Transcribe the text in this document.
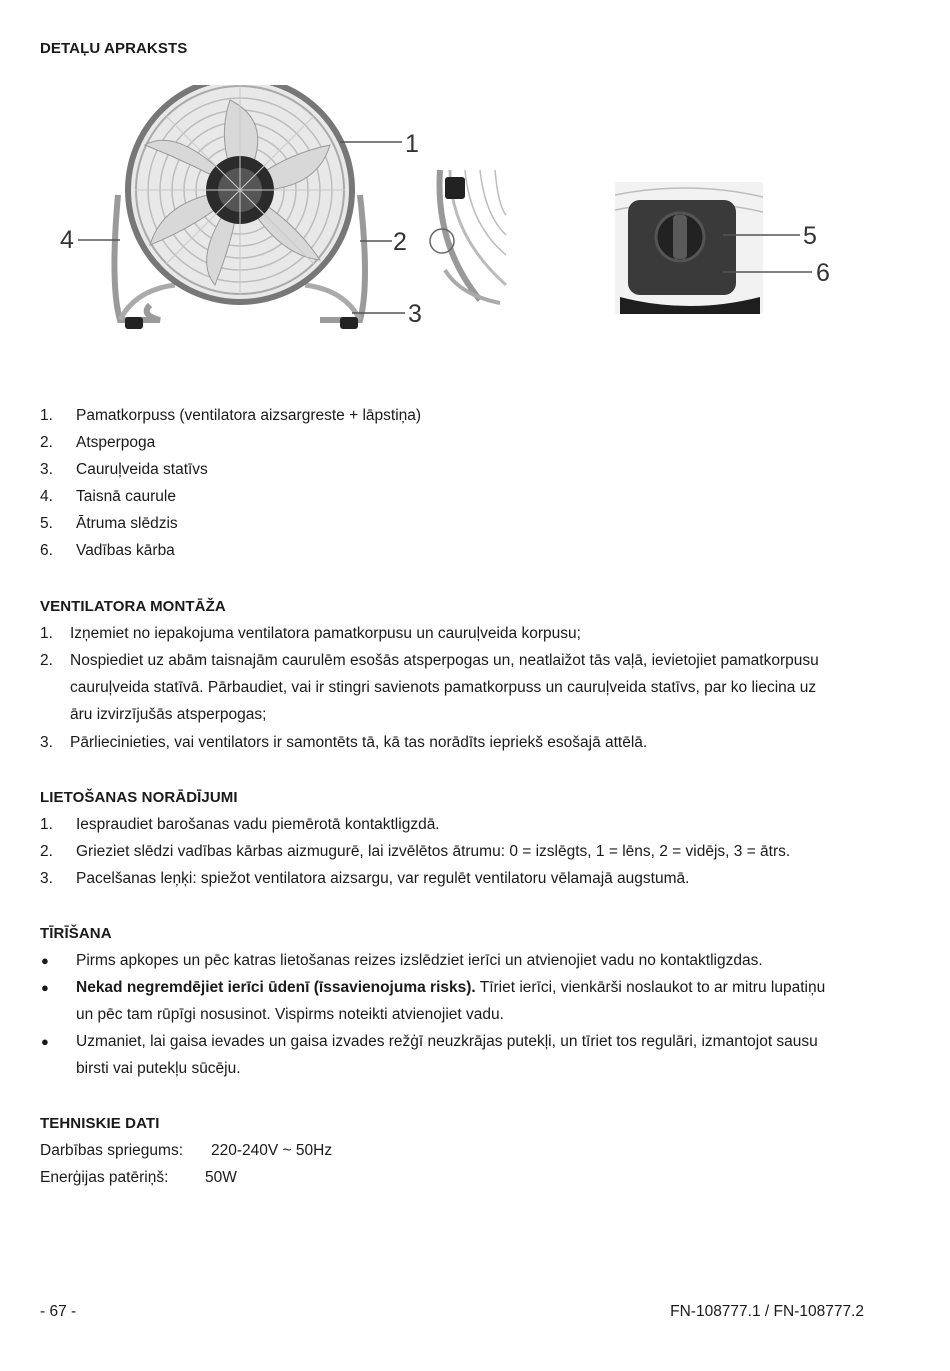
DETAĻU APRAKSTS
1
2
3
4	5
6
1. Pamatkorpuss (ventilatora aizsargreste + lāpstiņa)
2. Atsperpoga
3. Cauruļveida statīvs
4. Taisnā caurule
5. Ātruma slēdzis
6. Vadības kārba
VENTILATORA MONTĀŽA
1. Izņemiet no iepakojuma ventilatora pamatkorpusu un cauruļveida korpusu;
2. Nospiediet uz abām taisnajām caurulēm esošās atsperpogas un, neatlaižot tās vaļā, ievietojiet pamatkorpusu
cauruļveida statīvā. Pārbaudiet, vai ir stingri savienots pamatkorpuss un cauruļveida statīvs, par ko liecina uz
āru izvirzījušās atsperpogas;
3. Pārliecinieties, vai ventilators ir samontēts tā, kā tas norādīts iepriekš esošajā attēlā.
LIETOŠANAS NORĀDĪJUMI
1. Iespraudiet barošanas vadu piemērotā kontaktligzdā.
2. Grieziet slēdzi vadības kārbas aizmugurē, lai izvēlētos ātrumu: 0 = izslēgts, 1 = lēns, 2 = vidējs, 3 = ātrs.
3. Pacelšanas leņķi: spiežot ventilatora aizsargu, var regulēt ventilatoru vēlamajā augstumā.
TĪRĪŠANA
● Pirms apkopes un pēc katras lietošanas reizes izslēdziet ierīci un atvienojiet vadu no kontaktligzdas.
● Nekad negremdējiet ierīci ūdenī (īssavienojuma risks). Tīriet ierīci, vienkārši noslaukot to ar mitru lupatiņu
un pēc tam rūpīgi nosusinot. Vispirms noteikti atvienojiet vadu.
● Uzmaniet, lai gaisa ievades un gaisa izvades režģī neuzkrājas putekļi, un tīriet tos regulāri, izmantojot sausu
birsti vai putekļu sūcēju.
TEHNISKIE DATI
Darbības spriegums: 220-240V ~ 50Hz
Enerģijas patēriņš: 50W
- 67 -	FN-108777.1 / FN-108777.2
